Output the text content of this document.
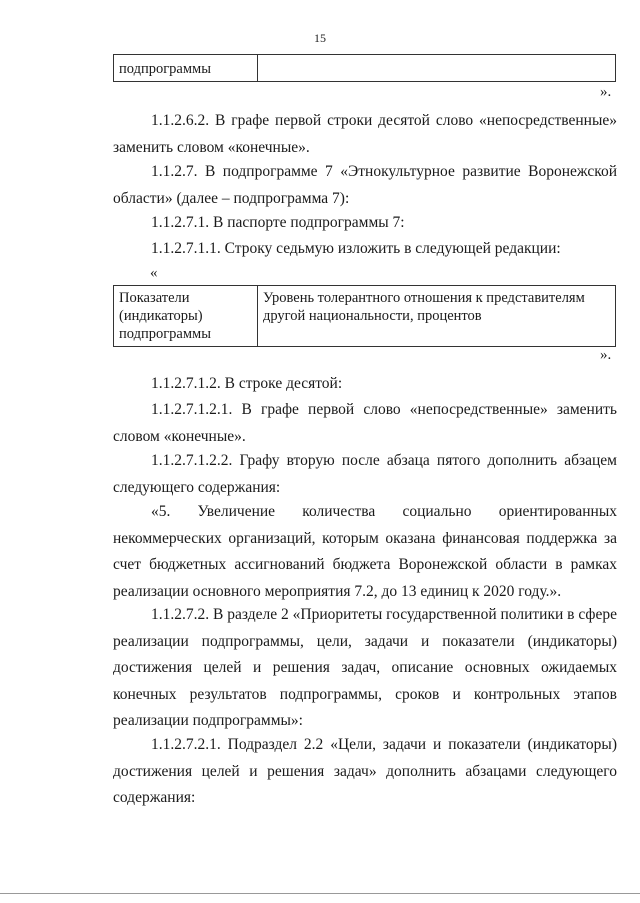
15
подпрограммы	
».
1.1.2.6.2. В графе первой строки десятой слово «непосредственные» заменить словом «конечные».
1.1.2.7. В подпрограмме 7 «Этнокультурное развитие Воронежской области» (далее – подпрограмма 7):
1.1.2.7.1. В паспорте подпрограммы 7:
1.1.2.7.1.1. Строку седьмую изложить в следующей редакции:
«
Показатели (индикаторы) подпрограммы	Уровень толерантного отношения к представителям другой национальности, процентов
».
1.1.2.7.1.2. В строке десятой:
1.1.2.7.1.2.1. В графе первой слово «непосредственные» заменить словом «конечные».
1.1.2.7.1.2.2. Графу вторую после абзаца пятого дополнить абзацем следующего содержания:
«5. Увеличение количества социально ориентированных некоммерческих организаций, которым оказана финансовая поддержка за счет бюджетных ассигнований бюджета Воронежской области в рамках реализации основного мероприятия 7.2, до 13 единиц к 2020 году.».
1.1.2.7.2. В разделе 2 «Приоритеты государственной политики в сфере реализации подпрограммы, цели, задачи и показатели (индикаторы) достижения целей и решения задач, описание основных ожидаемых конечных результатов подпрограммы, сроков и контрольных этапов реализации подпрограммы»:
1.1.2.7.2.1. Подраздел 2.2 «Цели, задачи и показатели (индикаторы) достижения целей и решения задач» дополнить абзацами следующего содержания:
